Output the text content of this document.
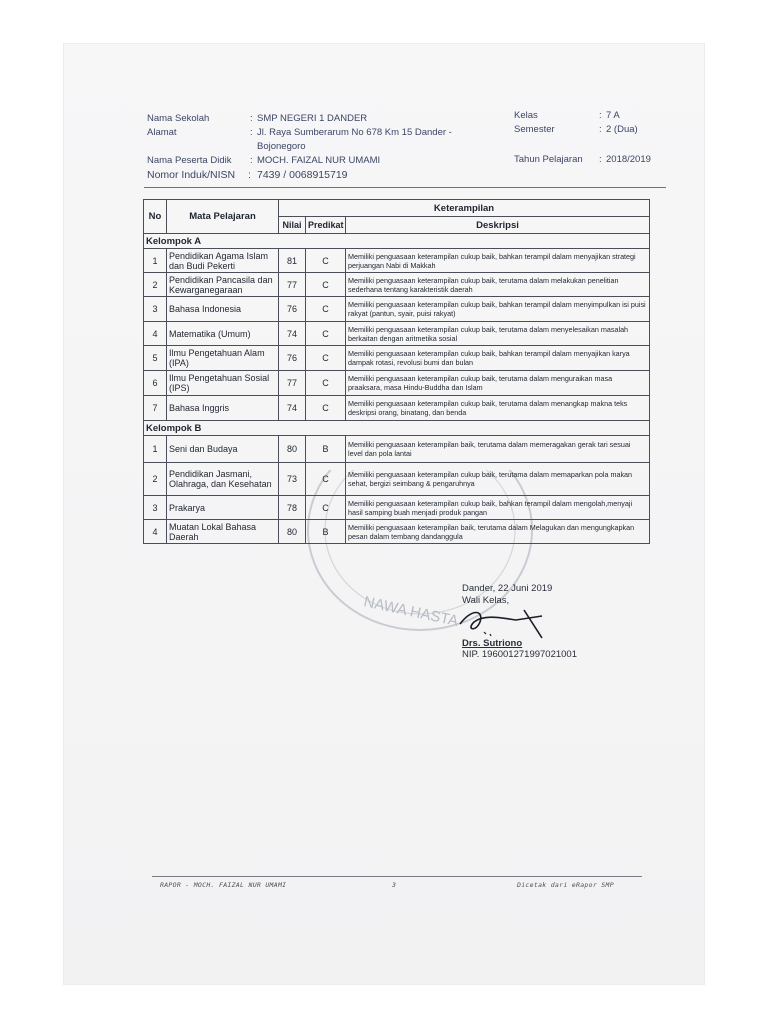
Nama Sekolah	: SMP NEGERI 1 DANDER
Alamat	: Jl. Raya Sumberarum No 678 Km 15 Dander -
Bojonegoro
Nama Peserta Didik : MOCH. FAIZAL NUR UMAMI
Nomor Induk/NISN : 7439 / 0068915719
Kelas	: 7 A
Semester	: 2 (Dua)
Tahun Pelajaran : 2018/2019
NAWA HASTA
No	Mata Pelajaran	Keterampilan		
		Nilai	Predikat	Deskripsi
Kelompok A				
1	Pendidikan Agama Islam dan Budi Pekerti	81	C	Memiliki penguasaan keterampilan cukup baik, bahkan terampil dalam menyajikan strategi perjuangan Nabi di Makkah
2	Pendidikan Pancasila dan Kewarganegaraan	77	C	Memiliki penguasaan keterampilan cukup baik, terutama dalam melakukan penelitian sederhana tentang karakteristik daerah
3	Bahasa Indonesia	76	C	Memiliki penguasaan keterampilan cukup baik, bahkan terampil dalam menyimpulkan isi puisi rakyat (pantun, syair, puisi rakyat)
4	Matematika (Umum)	74	C	Memiliki penguasaan keterampilan cukup baik, terutama dalam menyelesaikan masalah berkaitan dengan aritmetika sosial
5	Ilmu Pengetahuan Alam (IPA)	76	C	Memiliki penguasaan keterampilan cukup baik, bahkan terampil dalam menyajikan karya dampak rotasi, revolusi bumi dan bulan
6	Ilmu Pengetahuan Sosial (IPS)	77	C	Memiliki penguasaan keterampilan cukup baik, terutama dalam menguraikan masa praaksara, masa Hindu-Buddha dan Islam
7	Bahasa Inggris	74	C	Memiliki penguasaan keterampilan cukup baik, terutama dalam menangkap makna teks deskripsi orang, binatang, dan benda
Kelompok B				
1	Seni dan Budaya	80	B	Memiliki penguasaan keterampilan baik, terutama dalam memeragakan gerak tari sesuai level dan pola lantai
2	Pendidikan Jasmani, Olahraga, dan Kesehatan	73	C	Memiliki penguasaan keterampilan cukup baik, terutama dalam memaparkan pola makan sehat, bergizi seimbang & pengaruhnya
3	Prakarya	78	C	Memiliki penguasaan keterampilan cukup baik, bahkan terampil dalam mengolah,menyaji hasil samping buah menjadi produk pangan
4	Muatan Lokal Bahasa Daerah	80	B	Memiliki penguasaan keterampilan baik, terutama dalam Melagukan dan mengungkapkan pesan dalam tembang dandanggula
Dander, 22 Juni 2019
Wali Kelas,
Drs. Sutriono
NIP. 196001271997021001
RAPOR - MOCH. FAIZAL NUR UMAMI	3	Dicetak dari eRapor SMP
